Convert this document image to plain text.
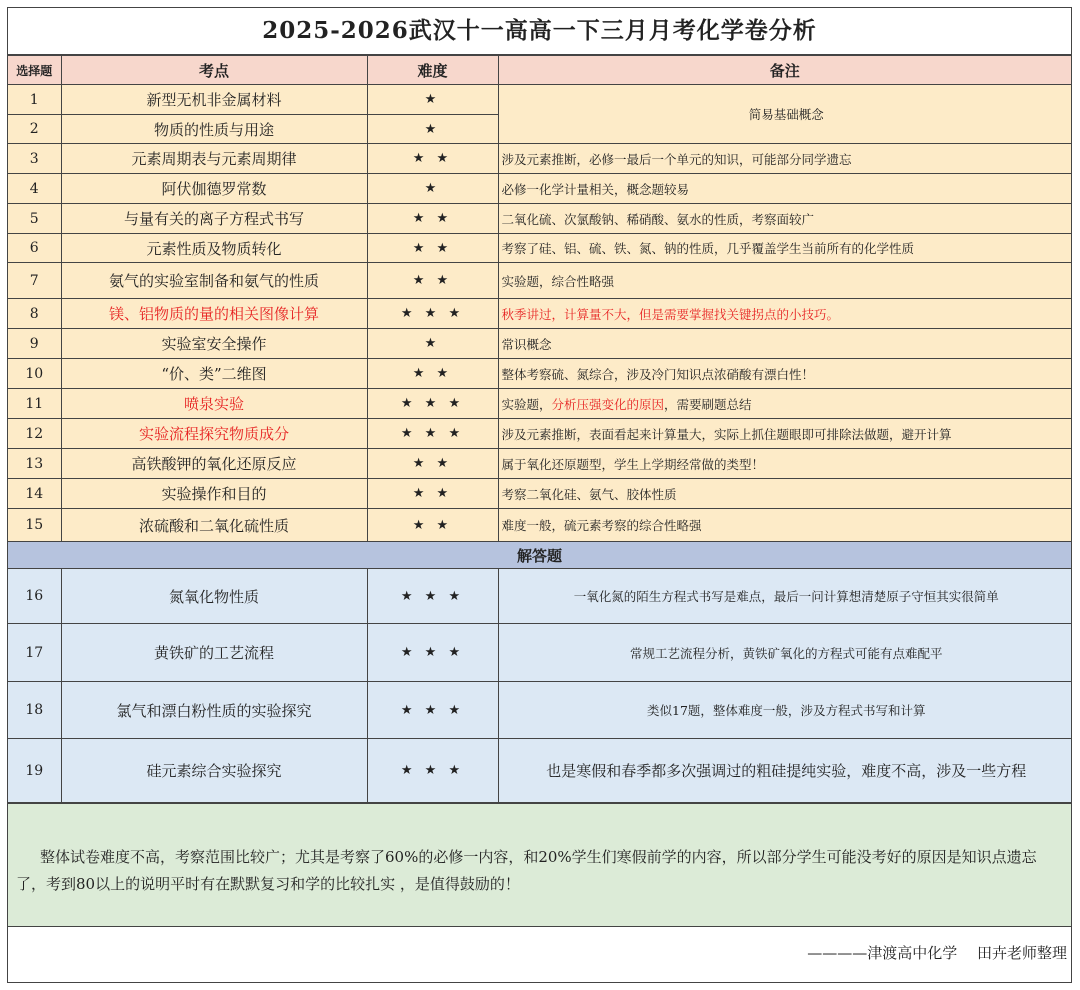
2025-2026武汉十一高高一下三月月考化学卷分析
选择题	考点	难度	备注
1	新型无机非金属材料	★	简易基础概念
2	物质的性质与用途	★	
3	元素周期表与元素周期律	★ ★	涉及元素推断，必修一最后一个单元的知识，可能部分同学遗忘
4	阿伏伽德罗常数	★	必修一化学计量相关，概念题较易
5	与量有关的离子方程式书写	★ ★	二氧化硫、次氯酸钠、稀硝酸、氨水的性质，考察面较广
6	元素性质及物质转化	★ ★	考察了硅、铝、硫、铁、氮、钠的性质，几乎覆盖学生当前所有的化学性质
7	氨气的实验室制备和氨气的性质	★ ★	实验题，综合性略强
8	镁、铝物质的量的相关图像计算	★ ★ ★	秋季讲过，计算量不大，但是需要掌握找关键拐点的小技巧。
9	实验室安全操作	★	常识概念
10	“价、类”二维图	★ ★	整体考察硫、氮综合，涉及冷门知识点浓硝酸有漂白性！
11	喷泉实验	★ ★ ★	实验题，分析压强变化的原因，需要刷题总结
12	实验流程探究物质成分	★ ★ ★	涉及元素推断，表面看起来计算量大，实际上抓住题眼即可排除法做题，避开计算
13	高铁酸钾的氧化还原反应	★ ★	属于氧化还原题型，学生上学期经常做的类型！
14	实验操作和目的	★ ★	考察二氧化硅、氨气、胶体性质
15	浓硫酸和二氧化硫性质	★ ★	难度一般，硫元素考察的综合性略强
解答题			
16	氮氧化物性质	★ ★ ★	一氧化氮的陌生方程式书写是难点，最后一问计算想清楚原子守恒其实很简单
17	黄铁矿的工艺流程	★ ★ ★	常规工艺流程分析，黄铁矿氧化的方程式可能有点难配平
18	氯气和漂白粉性质的实验探究	★ ★ ★	类似17题，整体难度一般，涉及方程式书写和计算
19	硅元素综合实验探究	★ ★ ★	也是寒假和春季都多次强调过的粗硅提纯实验，难度不高，涉及一些方程
整体试卷难度不高，考察范围比较广；尤其是考察了60%的必修一内容，和20%学生们寒假前学的内容，所以部分学生可能没考好的原因是知识点遗忘了，考到80以上的说明平时有在默默复习和学的比较扎实 ，是值得鼓励的！
————津渡高中化学　 田卉老师整理
